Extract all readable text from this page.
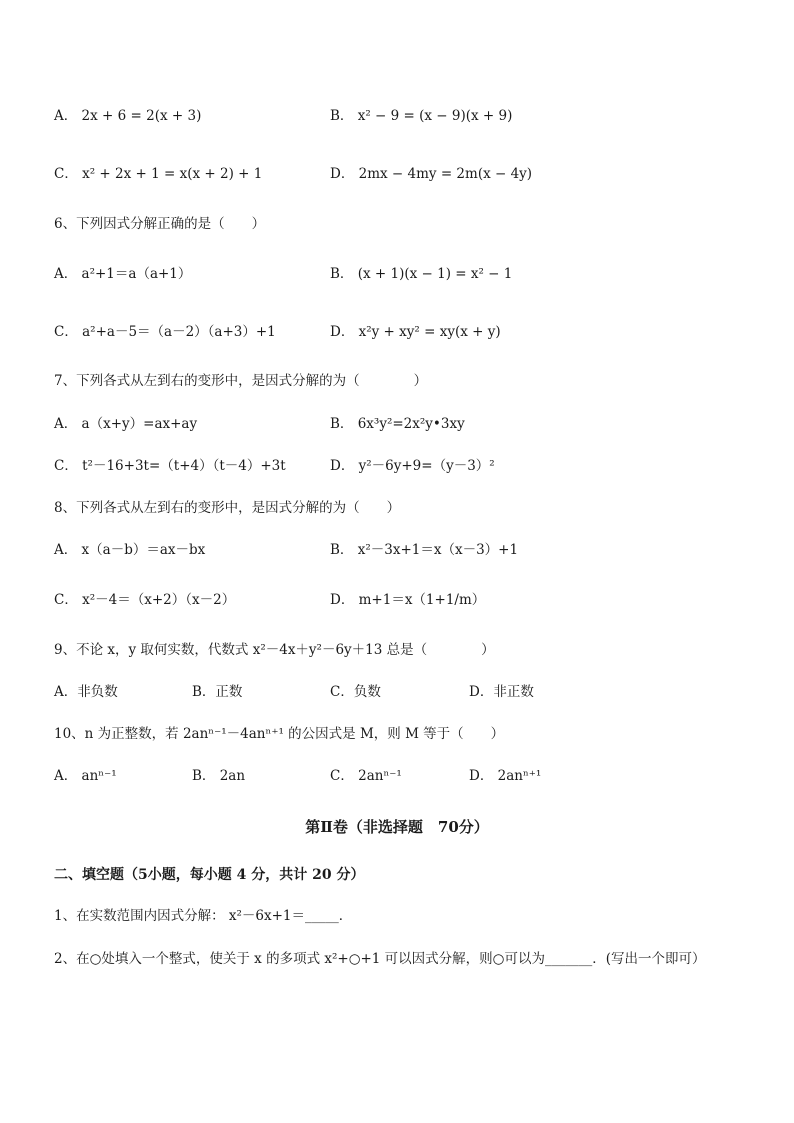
A． 2x + 6 = 2(x + 3)	B． x² − 9 = (x − 9)(x + 9)
C． x² + 2x + 1 = x(x + 2) + 1	D． 2mx − 4my = 2m(x − 4y)
6、下列因式分解正确的是（　　）
A． a²+1＝a（a+1）	B． (x + 1)(x − 1) = x² − 1
C． a²+a－5＝（a－2）（a+3）+1	D． x²y + xy² = xy(x + y)
7、下列各式从左到右的变形中，是因式分解的为（　　　　）
A． a（x+y）=ax+ay	B． 6x³y²=2x²y•3xy
C． t²－16+3t=（t+4）（t－4）+3t	D． y²－6y+9=（y－3）²
8、下列各式从左到右的变形中，是因式分解的为（　　）
A． x（a－b）＝ax－bx	B． x²－3x+1＝x（x－3）+1
C． x²－4＝（x+2）（x－2）	D． m+1＝x（1+1/m）
9、不论 x，y 取何实数，代数式 x²－4x＋y²－6y＋13 总是（　　　　）
A．非负数	B．正数	C．负数	D．非正数
10、n 为正整数，若 2anⁿ⁻¹－4anⁿ⁺¹ 的公因式是 M，则 M 等于（　　）
A． anⁿ⁻¹	B． 2an	C． 2anⁿ⁻¹	D． 2anⁿ⁺¹
第Ⅱ卷（非选择题　70分）
二、填空题（5小题，每小题 4 分，共计 20 分）
1、在实数范围内因式分解： x²－6x+1＝_____．
2、在○处填入一个整式，使关于 x 的多项式 x²+○+1 可以因式分解，则○可以为_______．(写出一个即可）
